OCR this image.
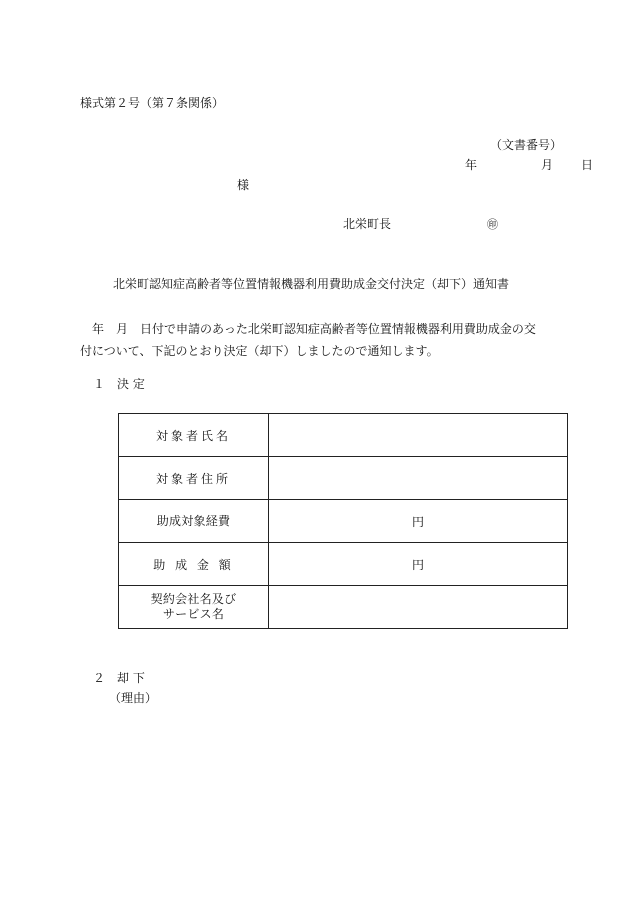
様式第２号（第７条関係）
（文書番号）
年	月 日
様
北栄町長	㊞
北栄町認知症高齢者等位置情報機器利用費助成金交付決定（却下）通知書
年　月　日付で申請のあった北栄町認知症高齢者等位置情報機器利用費助成金の交
付について、下記のとおり決定（却下）しましたので通知します。
１　決 定
対象者氏名	
対象者住所	
助成対象経費	円
助 成 金 額	円

契約会社名及び
サービス名	

２　却 下
（理由）
